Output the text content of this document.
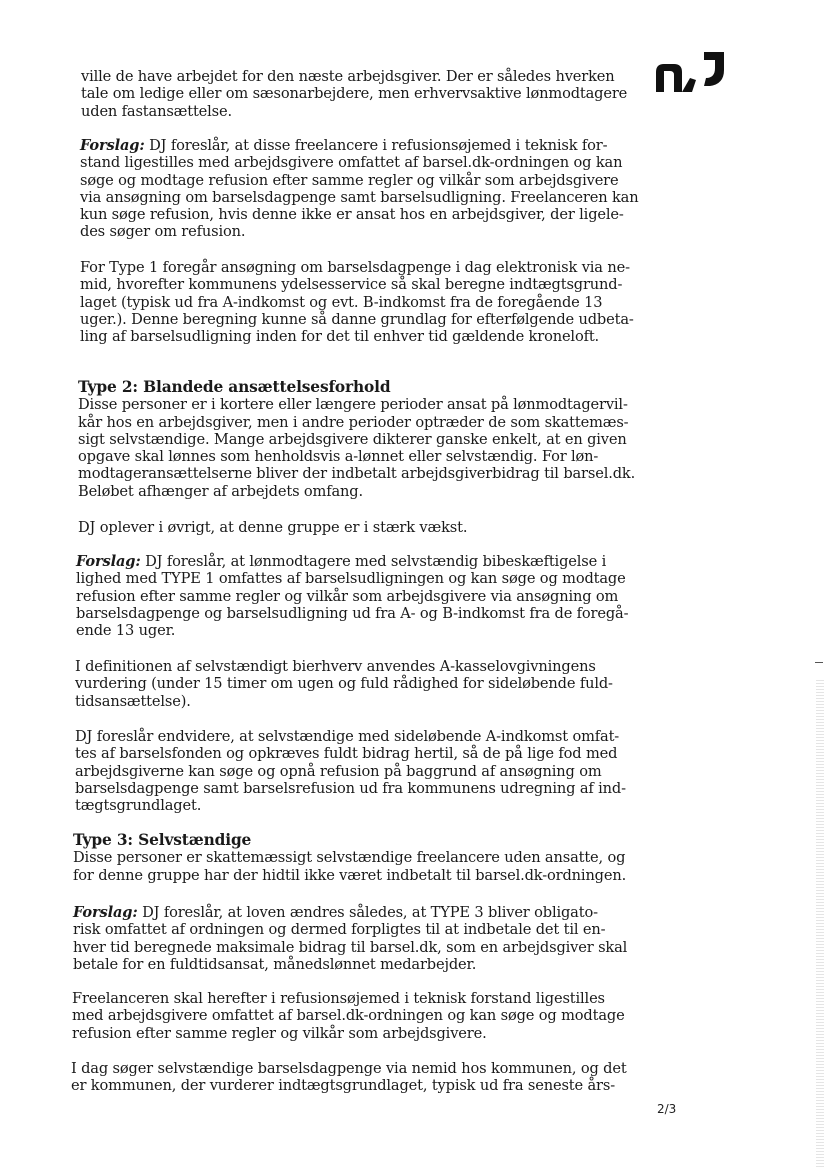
ville de have arbejdet for den næste arbejdsgiver. Der er således hverken
tale om ledige eller om sæsonarbejdere, men erhvervsaktive lønmodtagere
uden fastansættelse.
Forslag: DJ foreslår, at disse freelancere i refusionsøjemed i teknisk for-
stand ligestilles med arbejdsgivere omfattet af barsel.dk-ordningen og kan
søge og modtage refusion efter samme regler og vilkår som arbejdsgivere
via ansøgning om barselsdagpenge samt barselsudligning. Freelanceren kan
kun søge refusion, hvis denne ikke er ansat hos en arbejdsgiver, der ligele-
des søger om refusion.
For Type 1 foregår ansøgning om barselsdagpenge i dag elektronisk via ne-
mid, hvorefter kommunens ydelsesservice så skal beregne indtægtsgrund-
laget (typisk ud fra A-indkomst og evt. B-indkomst fra de foregående 13
uger.). Denne beregning kunne så danne grundlag for efterfølgende udbeta-
ling af barselsudligning inden for det til enhver tid gældende kroneloft.
Type 2: Blandede ansættelsesforhold
Disse personer er i kortere eller længere perioder ansat på lønmodtagervil-
kår hos en arbejdsgiver, men i andre perioder optræder de som skattemæs-
sigt selvstændige. Mange arbejdsgivere dikterer ganske enkelt, at en given
opgave skal lønnes som henholdsvis a-lønnet eller selvstændig. For løn-
modtageransættelserne bliver der indbetalt arbejdsgiverbidrag til barsel.dk.
Beløbet afhænger af arbejdets omfang.
DJ oplever i øvrigt, at denne gruppe er i stærk vækst.
Forslag: DJ foreslår, at lønmodtagere med selvstændig bibeskæftigelse i
lighed med TYPE 1 omfattes af barselsudligningen og kan søge og modtage
refusion efter samme regler og vilkår som arbejdsgivere via ansøgning om
barselsdagpenge og barselsudligning ud fra A- og B-indkomst fra de foregå-
ende 13 uger.
I definitionen af selvstændigt bierhverv anvendes A-kasselovgivningens
vurdering (under 15 timer om ugen og fuld rådighed for sideløbende fuld-
tidsansættelse).
DJ foreslår endvidere, at selvstændige med sideløbende A-indkomst omfat-
tes af barselsfonden og opkræves fuldt bidrag hertil, så de på lige fod med
arbejdsgiverne kan søge og opnå refusion på baggrund af ansøgning om
barselsdagpenge samt barselsrefusion ud fra kommunens udregning af ind-
tægtsgrundlaget.
Type 3: Selvstændige
Disse personer er skattemæssigt selvstændige freelancere uden ansatte, og
for denne gruppe har der hidtil ikke været indbetalt til barsel.dk-ordningen.
Forslag: DJ foreslår, at loven ændres således, at TYPE 3 bliver obligato-
risk omfattet af ordningen og dermed forpligtes til at indbetale det til en-
hver tid beregnede maksimale bidrag til barsel.dk, som en arbejdsgiver skal
betale for en fuldtidsansat, månedslønnet medarbejder.
Freelanceren skal herefter i refusionsøjemed i teknisk forstand ligestilles
med arbejdsgivere omfattet af barsel.dk-ordningen og kan søge og modtage
refusion efter samme regler og vilkår som arbejdsgivere.
I dag søger selvstændige barselsdagpenge via nemid hos kommunen, og det
er kommunen, der vurderer indtægtsgrundlaget, typisk ud fra seneste års-
2/3
